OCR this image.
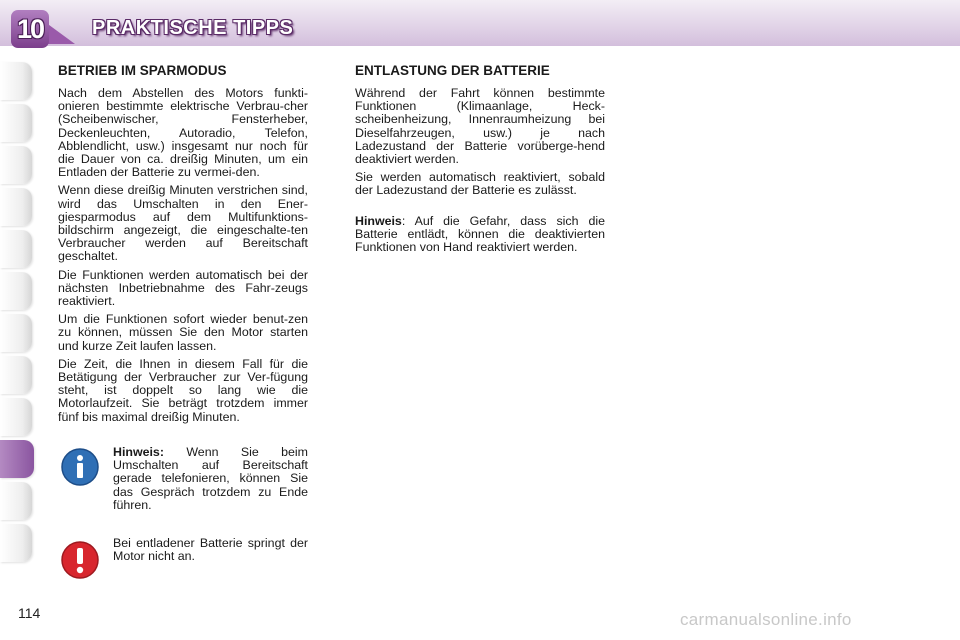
10 PRAKTISCHE TIPPS
BETRIEB IM SPARMODUS

Nach dem Abstellen des Motors funkti-onieren bestimmte elektrische Verbrau-cher (Scheibenwischer, Fensterheber, Deckenleuchten, Autoradio, Telefon, Abblendlicht, usw.) insgesamt nur noch für die Dauer von ca. dreißig Minuten, um ein Entladen der Batterie zu vermei-den.

Wenn diese dreißig Minuten verstrichen sind, wird das Umschalten in den Ener-giesparmodus auf dem Multifunktions-bildschirm angezeigt, die eingeschalte-ten Verbraucher werden auf Bereitschaft geschaltet.

Die Funktionen werden automatisch bei der nächsten Inbetriebnahme des Fahr-zeugs reaktiviert.

Um die Funktionen sofort wieder benut-zen zu können, müssen Sie den Motor starten und kurze Zeit laufen lassen.

Die Zeit, die Ihnen in diesem Fall für die Betätigung der Verbraucher zur Ver-fügung steht, ist doppelt so lang wie die Motorlaufzeit. Sie beträgt trotzdem immer fünf bis maximal dreißig Minuten.

Hinweis: Wenn Sie beim Umschalten auf Bereitschaft gerade telefonieren, können Sie das Gespräch trotzdem zu Ende führen.
Bei entladener Batterie springt der Motor nicht an.
ENTLASTUNG DER BATTERIE

Während der Fahrt können bestimmte Funktionen (Klimaanlage, Heck-scheibenheizung, Innenraumheizung bei Dieselfahrzeugen, usw.) je nach Ladezustand der Batterie vorüberge-hend deaktiviert werden.

Sie werden automatisch reaktiviert, sobald der Ladezustand der Batterie es zulässt.

Hinweis: Auf die Gefahr, dass sich die Batterie entlädt, können die deaktivierten Funktionen von Hand reaktiviert werden.

114	carmanualsonline.info
